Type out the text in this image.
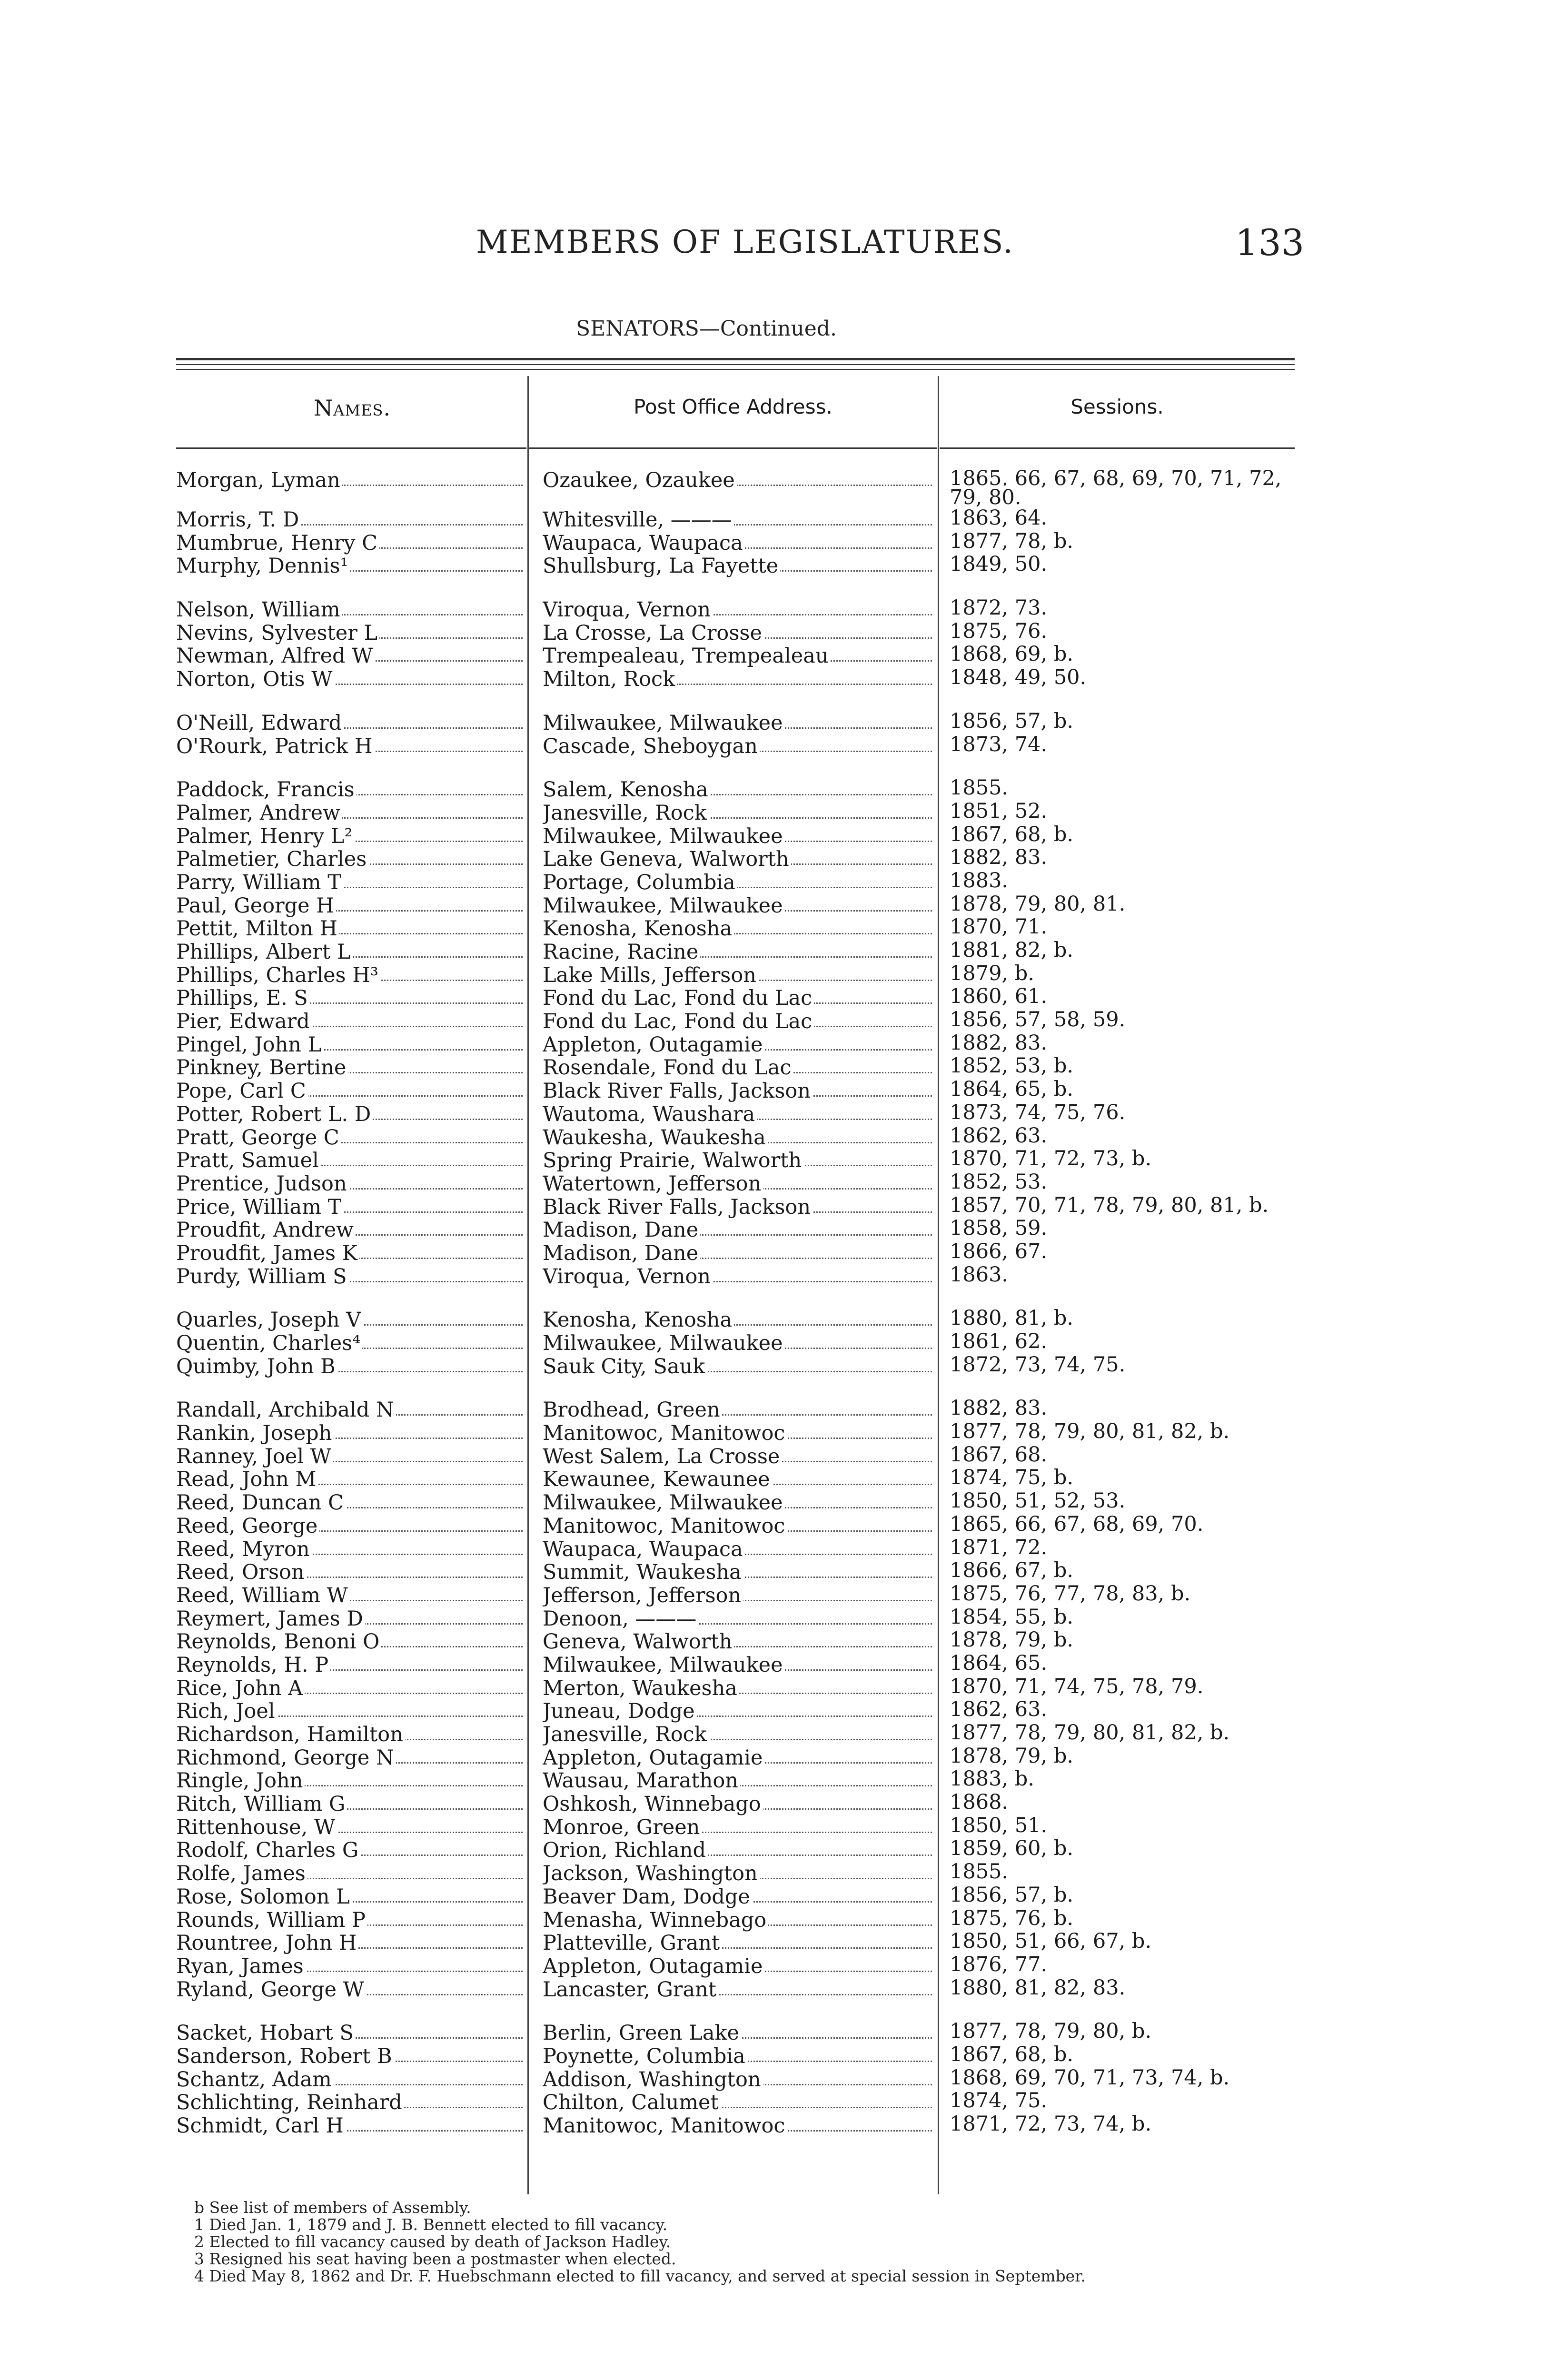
MEMBERS OF LEGISLATURES.	133
SENATORS—Continued.
Names.	Post Office Address.	Sessions.
Morgan, Lyman	Ozaukee, Ozaukee	1865, 66, 67, 68, 69, 70, 71, 72, 79, 80.
Morris, T. D	Whitesville, ———	1863, 64.
Mumbrue, Henry C	Waupaca, Waupaca	1877, 78, b.
Murphy, Dennis¹	Shullsburg, La Fayette	1849, 50.
Nelson, William	Viroqua, Vernon	1872, 73.
Nevins, Sylvester L	La Crosse, La Crosse	1875, 76.
Newman, Alfred W	Trempealeau, Trempealeau	1868, 69, b.
Norton, Otis W	Milton, Rock	1848, 49, 50.
O'Neill, Edward	Milwaukee, Milwaukee	1856, 57, b.
O'Rourk, Patrick H	Cascade, Sheboygan	1873, 74.
Paddock, Francis	Salem, Kenosha	1855.
Palmer, Andrew	Janesville, Rock	1851, 52.
Palmer, Henry L²	Milwaukee, Milwaukee	1867, 68, b.
Palmetier, Charles	Lake Geneva, Walworth	1882, 83.
Parry, William T	Portage, Columbia	1883.
Paul, George H	Milwaukee, Milwaukee	1878, 79, 80, 81.
Pettit, Milton H	Kenosha, Kenosha	1870, 71.
Phillips, Albert L	Racine, Racine	1881, 82, b.
Phillips, Charles H³	Lake Mills, Jefferson	1879, b.
Phillips, E. S	Fond du Lac, Fond du Lac	1860, 61.
Pier, Edward	Fond du Lac, Fond du Lac	1856, 57, 58, 59.
Pingel, John L	Appleton, Outagamie	1882, 83.
Pinkney, Bertine	Rosendale, Fond du Lac	1852, 53, b.
Pope, Carl C	Black River Falls, Jackson	1864, 65, b.
Potter, Robert L. D	Wautoma, Waushara	1873, 74, 75, 76.
Pratt, George C	Waukesha, Waukesha	1862, 63.
Pratt, Samuel	Spring Prairie, Walworth	1870, 71, 72, 73, b.
Prentice, Judson	Watertown, Jefferson	1852, 53.
Price, William T	Black River Falls, Jackson	1857, 70, 71, 78, 79, 80, 81, b.
Proudfit, Andrew	Madison, Dane	1858, 59.
Proudfit, James K	Madison, Dane	1866, 67.
Purdy, William S	Viroqua, Vernon	1863.
Quarles, Joseph V	Kenosha, Kenosha	1880, 81, b.
Quentin, Charles⁴	Milwaukee, Milwaukee	1861, 62.
Quimby, John B	Sauk City, Sauk	1872, 73, 74, 75.
Randall, Archibald N	Brodhead, Green	1882, 83.
Rankin, Joseph	Manitowoc, Manitowoc	1877, 78, 79, 80, 81, 82, b.
Ranney, Joel W	West Salem, La Crosse	1867, 68.
Read, John M	Kewaunee, Kewaunee	1874, 75, b.
Reed, Duncan C	Milwaukee, Milwaukee	1850, 51, 52, 53.
Reed, George	Manitowoc, Manitowoc	1865, 66, 67, 68, 69, 70.
Reed, Myron	Waupaca, Waupaca	1871, 72.
Reed, Orson	Summit, Waukesha	1866, 67, b.
Reed, William W	Jefferson, Jefferson	1875, 76, 77, 78, 83, b.
Reymert, James D	Denoon, ———	1854, 55, b.
Reynolds, Benoni O	Geneva, Walworth	1878, 79, b.
Reynolds, H. P	Milwaukee, Milwaukee	1864, 65.
Rice, John A	Merton, Waukesha	1870, 71, 74, 75, 78, 79.
Rich, Joel	Juneau, Dodge	1862, 63.
Richardson, Hamilton	Janesville, Rock	1877, 78, 79, 80, 81, 82, b.
Richmond, George N	Appleton, Outagamie	1878, 79, b.
Ringle, John	Wausau, Marathon	1883, b.
Ritch, William G	Oshkosh, Winnebago	1868.
Rittenhouse, W	Monroe, Green	1850, 51.
Rodolf, Charles G	Orion, Richland	1859, 60, b.
Rolfe, James	Jackson, Washington	1855.
Rose, Solomon L	Beaver Dam, Dodge	1856, 57, b.
Rounds, William P	Menasha, Winnebago	1875, 76, b.
Rountree, John H	Platteville, Grant	1850, 51, 66, 67, b.
Ryan, James	Appleton, Outagamie	1876, 77.
Ryland, George W	Lancaster, Grant	1880, 81, 82, 83.
Sacket, Hobart S	Berlin, Green Lake	1877, 78, 79, 80, b.
Sanderson, Robert B	Poynette, Columbia	1867, 68, b.
Schantz, Adam	Addison, Washington	1868, 69, 70, 71, 73, 74, b.
Schlichting, Reinhard	Chilton, Calumet	1874, 75.
Schmidt, Carl H	Manitowoc, Manitowoc	1871, 72, 73, 74, b.
b See list of members of Assembly.
1 Died Jan. 1, 1879 and J. B. Bennett elected to fill vacancy.
2 Elected to fill vacancy caused by death of Jackson Hadley.
3 Resigned his seat having been a postmaster when elected.
4 Died May 8, 1862 and Dr. F. Huebschmann elected to fill vacancy, and served at special session in September.
